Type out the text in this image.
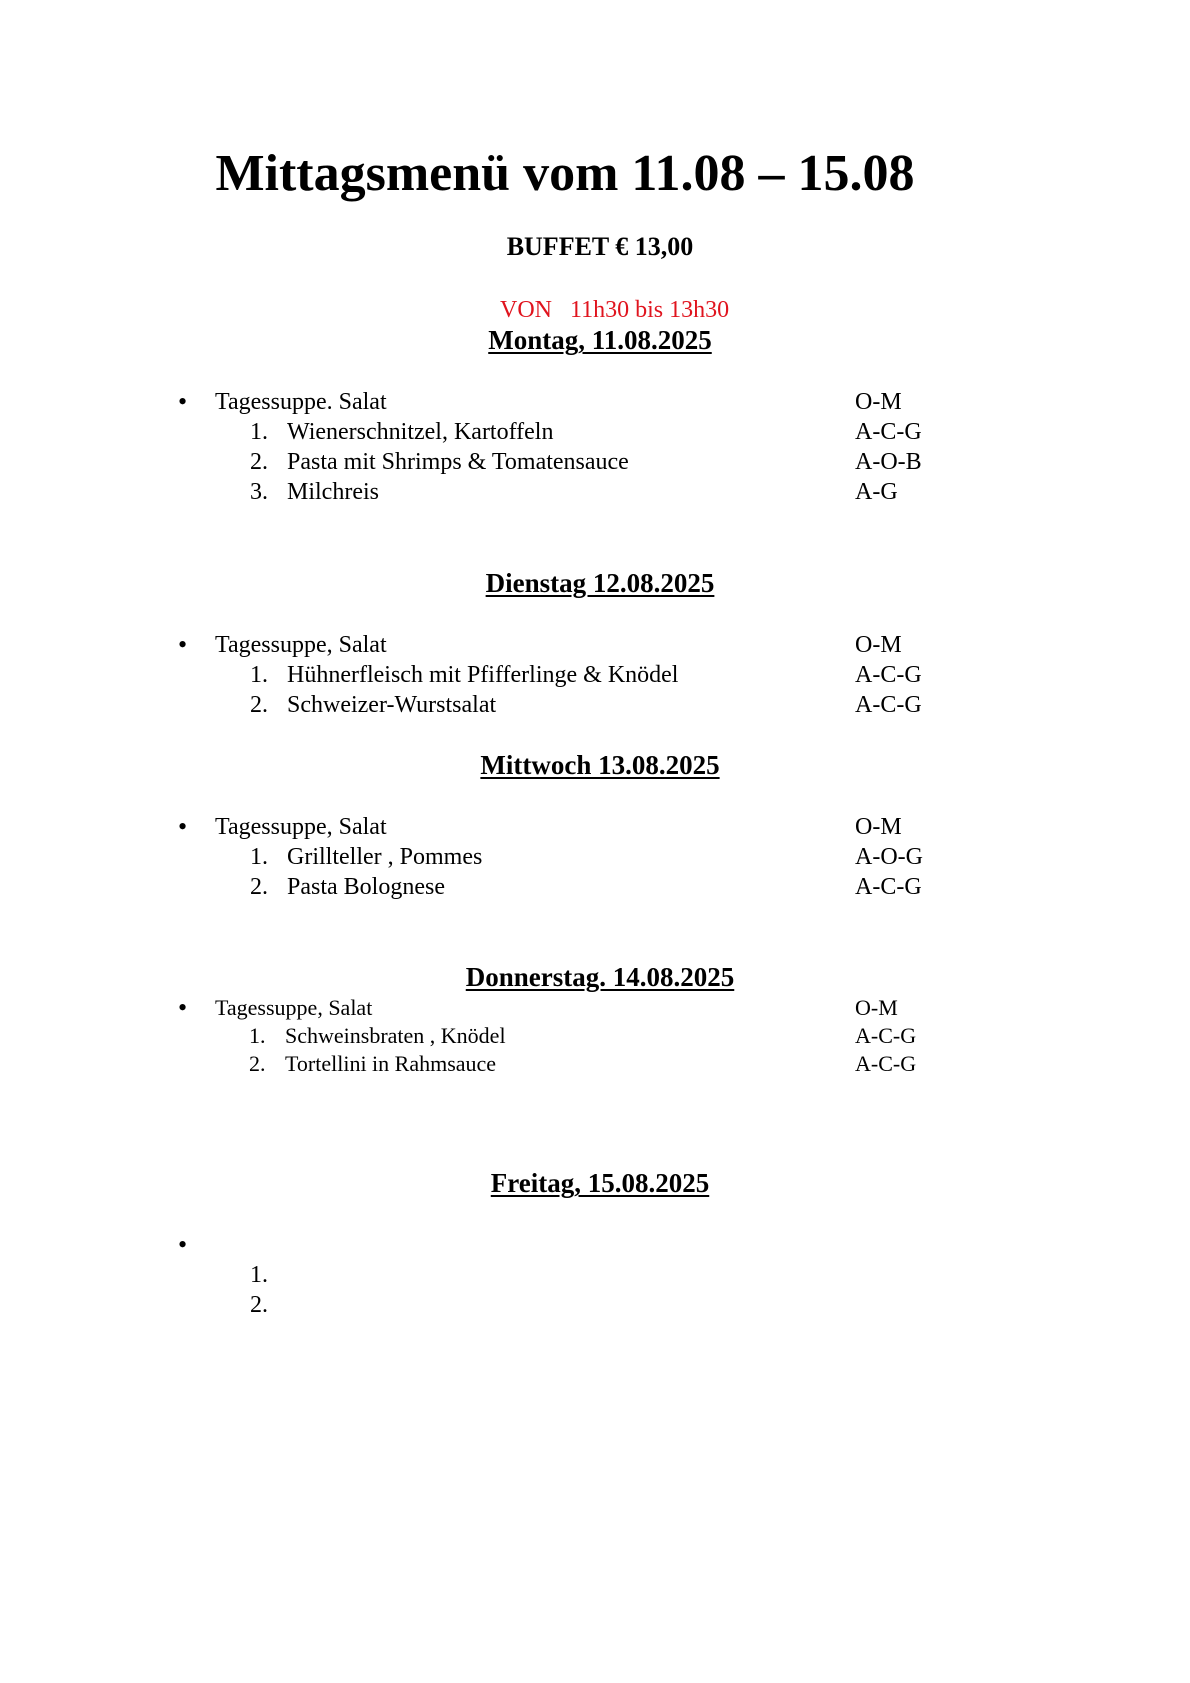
Mittagsmenü vom 11.08 – 15.08
BUFFET € 13,00
VON 11h30 bis 13h30
Montag, 11.08.2025
• Tagessuppe. Salat	O-M
1. Wienerschnitzel, Kartoffeln	A-C-G
2. Pasta mit Shrimps & Tomatensauce	A-O-B
3. Milchreis	A-G
Dienstag 12.08.2025
• Tagessuppe, Salat	O-M
1. Hühnerfleisch mit Pfifferlinge & Knödel	A-C-G
2. Schweizer-Wurstsalat	A-C-G
Mittwoch 13.08.2025
• Tagessuppe, Salat	O-M
1. Grillteller , Pommes	A-O-G
2. Pasta Bolognese	A-C-G
Donnerstag. 14.08.2025
• Tagessuppe, Salat	O-M
1. Schweinsbraten , Knödel	A-C-G
2. Tortellini in Rahmsauce	A-C-G
Freitag, 15.08.2025
•
1.
2.
